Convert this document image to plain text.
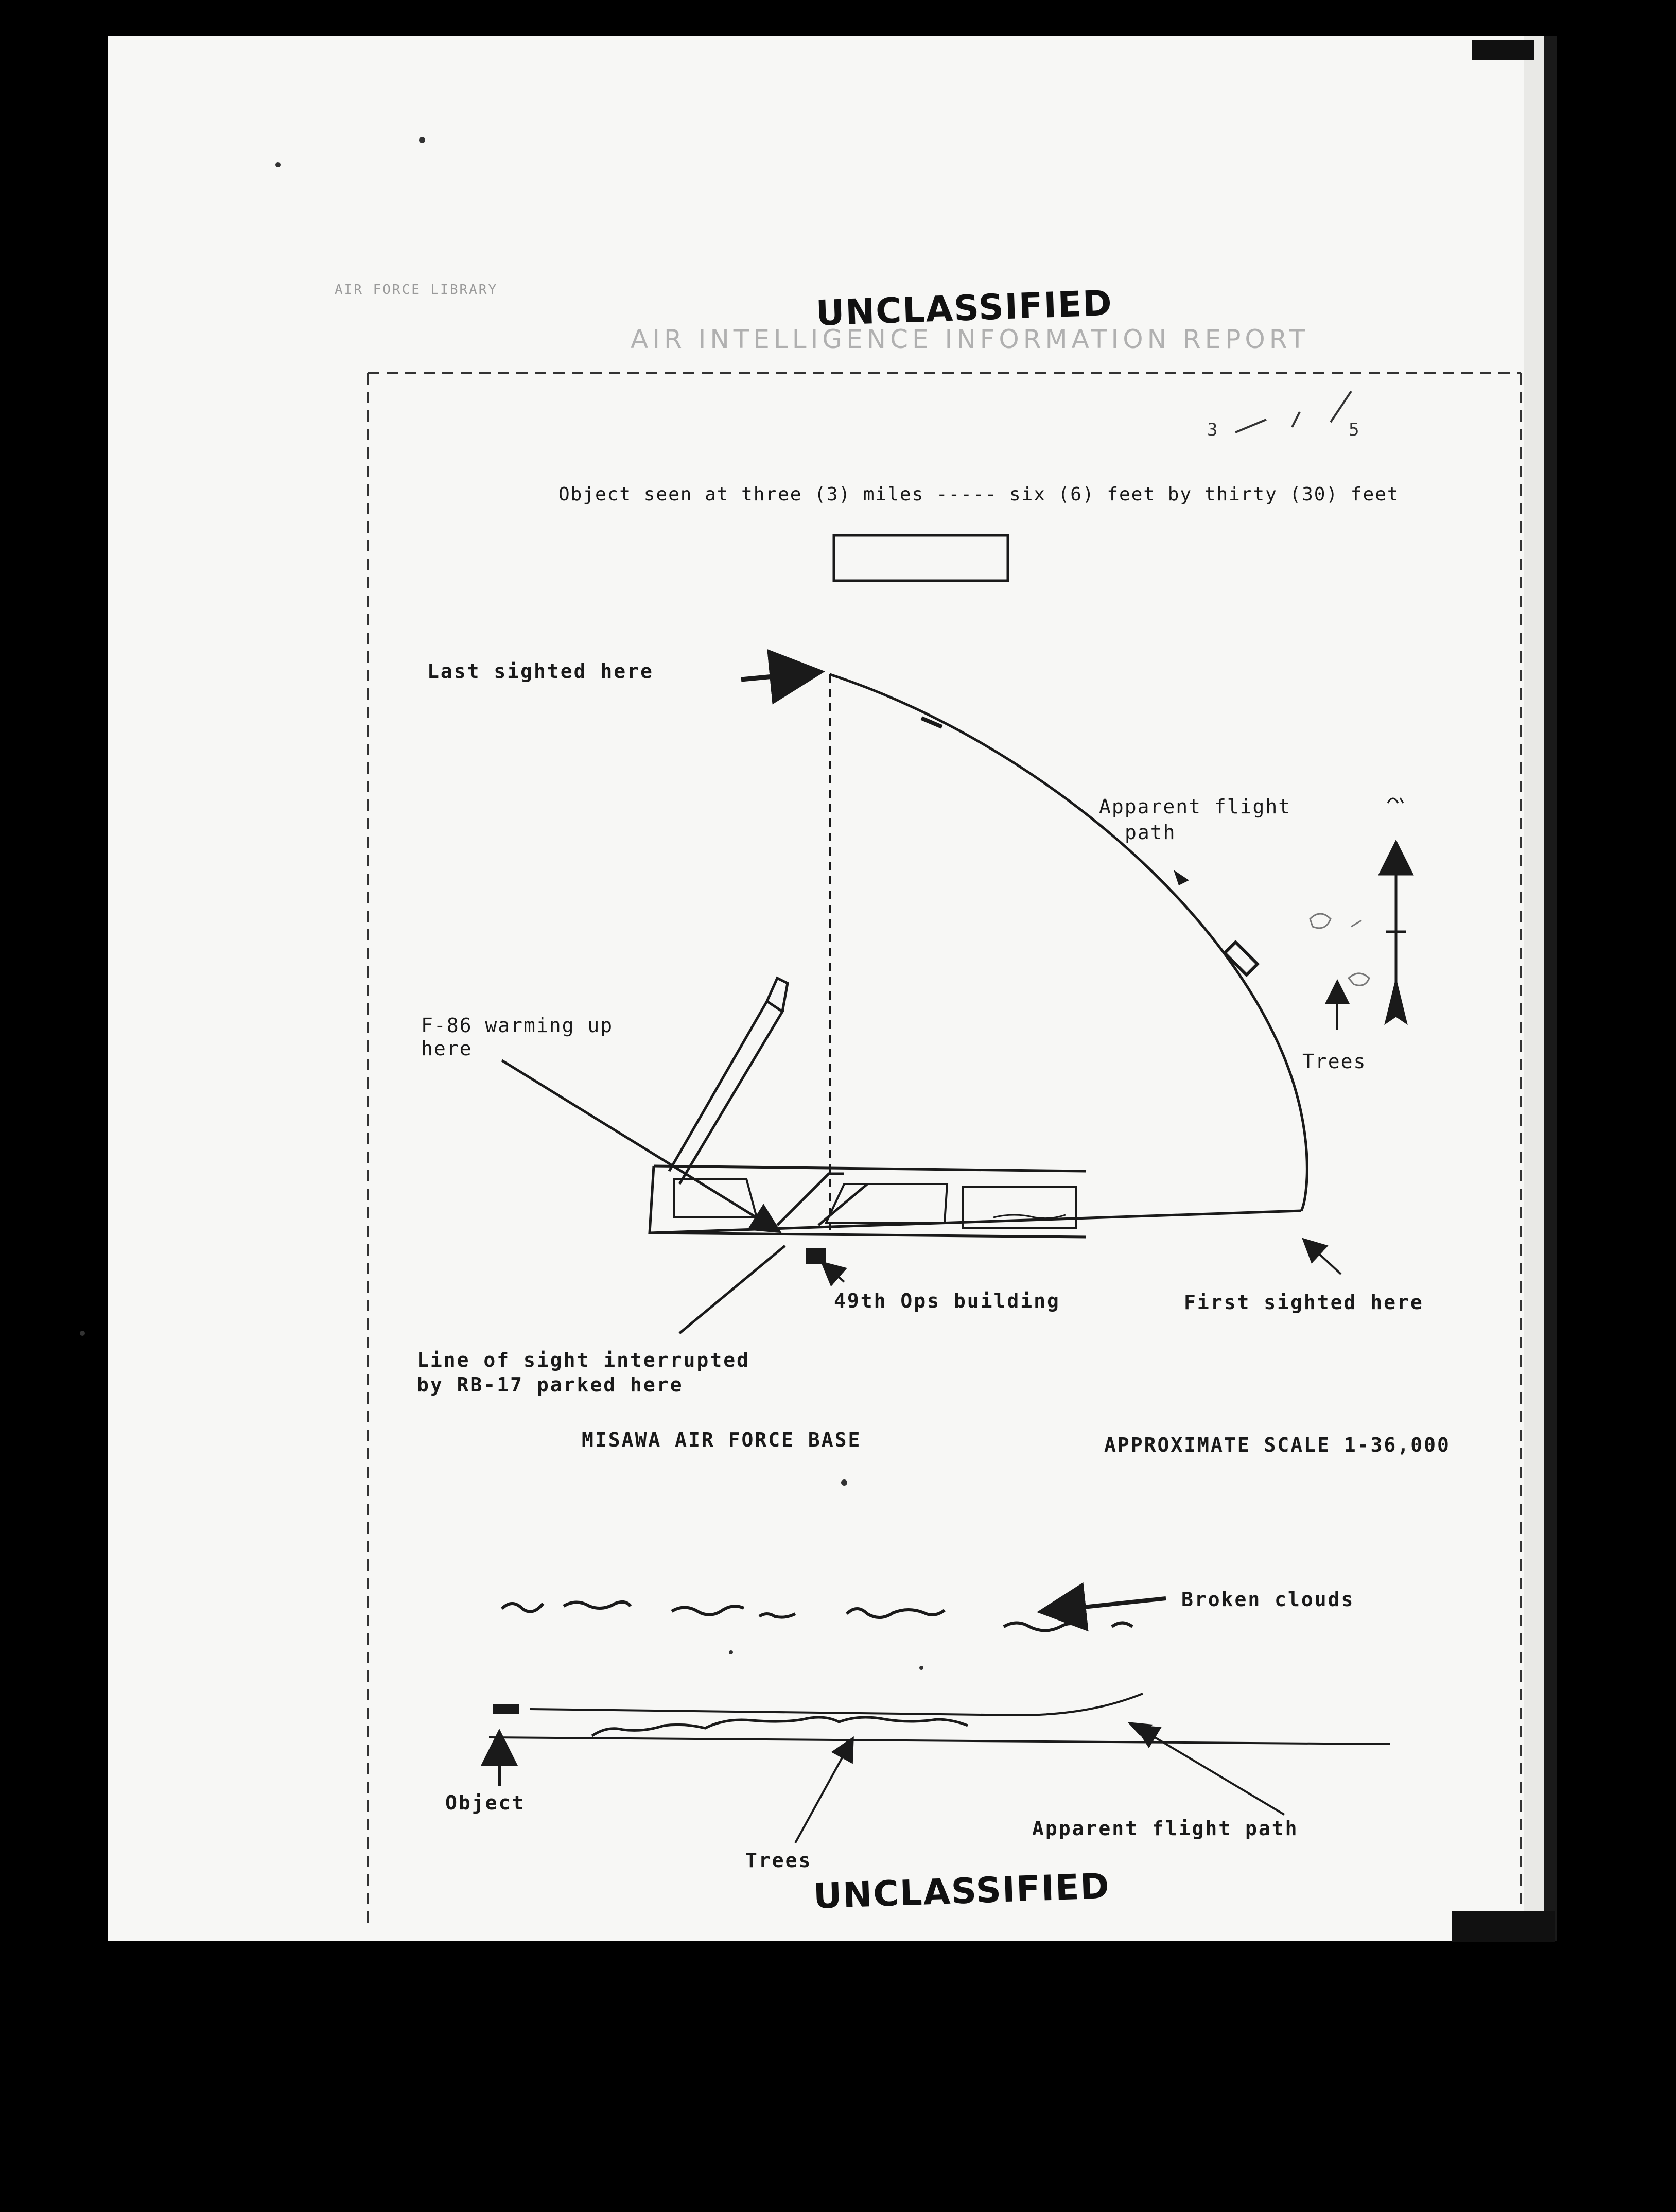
AIR FORCE LIBRARY	UNCLASSIFIED
AIR INTELLIGENCE INFORMATION REPORT
3	5
Object seen at three (3) miles ----- six (6) feet by thirty (30) feet
Last sighted here
Apparent flight
path
F-86 warming up
here
Trees
49th Ops building	First sighted here
Line of sight interrupted
by RB-17 parked here
MISAWA AIR FORCE BASE	APPROXIMATE SCALE 1-36,000
Broken clouds
Object
Trees
Apparent flight path
UNCLASSIFIED
